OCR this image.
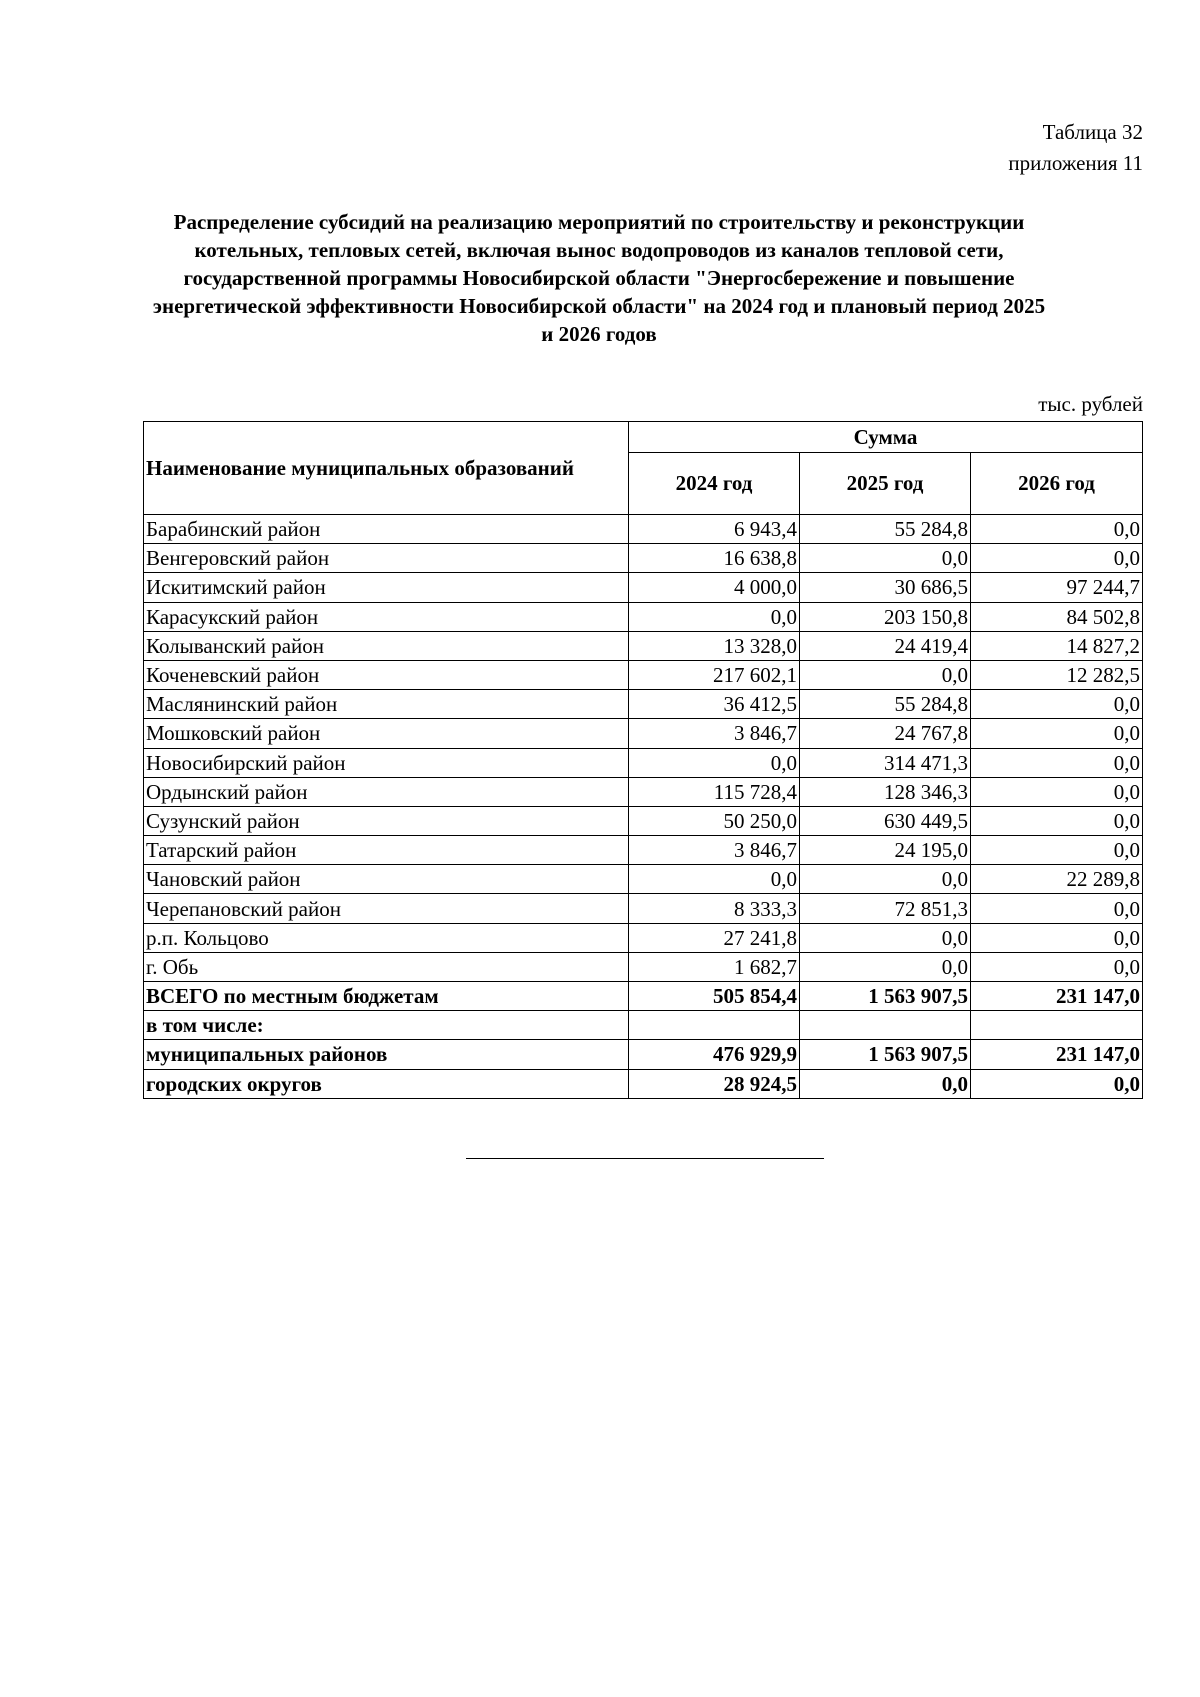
Таблица 32
приложения 11
Распределение субсидий на реализацию мероприятий по строительству и реконструкции
котельных, тепловых сетей, включая вынос водопроводов из каналов тепловой сети,
государственной программы Новосибирской области "Энергосбережение и повышение
энергетической эффективности Новосибирской области" на 2024 год и плановый период 2025
и 2026 годов
тыс. рублей
Наименование муниципальных образований	Сумма		
	2024 год	2025 год	2026 год
Барабинский район	6 943,4	55 284,8	0,0
Венгеровский район	16 638,8	0,0	0,0
Искитимский район	4 000,0	30 686,5	97 244,7
Карасукский район	0,0	203 150,8	84 502,8
Колыванский район	13 328,0	24 419,4	14 827,2
Коченевский район	217 602,1	0,0	12 282,5
Маслянинский район	36 412,5	55 284,8	0,0
Мошковский район	3 846,7	24 767,8	0,0
Новосибирский район	0,0	314 471,3	0,0
Ордынский район	115 728,4	128 346,3	0,0
Сузунский район	50 250,0	630 449,5	0,0
Татарский район	3 846,7	24 195,0	0,0
Чановский район	0,0	0,0	22 289,8
Черепановский район	8 333,3	72 851,3	0,0
р.п. Кольцово	27 241,8	0,0	0,0
г. Обь	1 682,7	0,0	0,0
ВСЕГО по местным бюджетам	505 854,4	1 563 907,5	231 147,0
в том числе:			
муниципальных районов	476 929,9	1 563 907,5	231 147,0
городских округов	28 924,5	0,0	0,0
